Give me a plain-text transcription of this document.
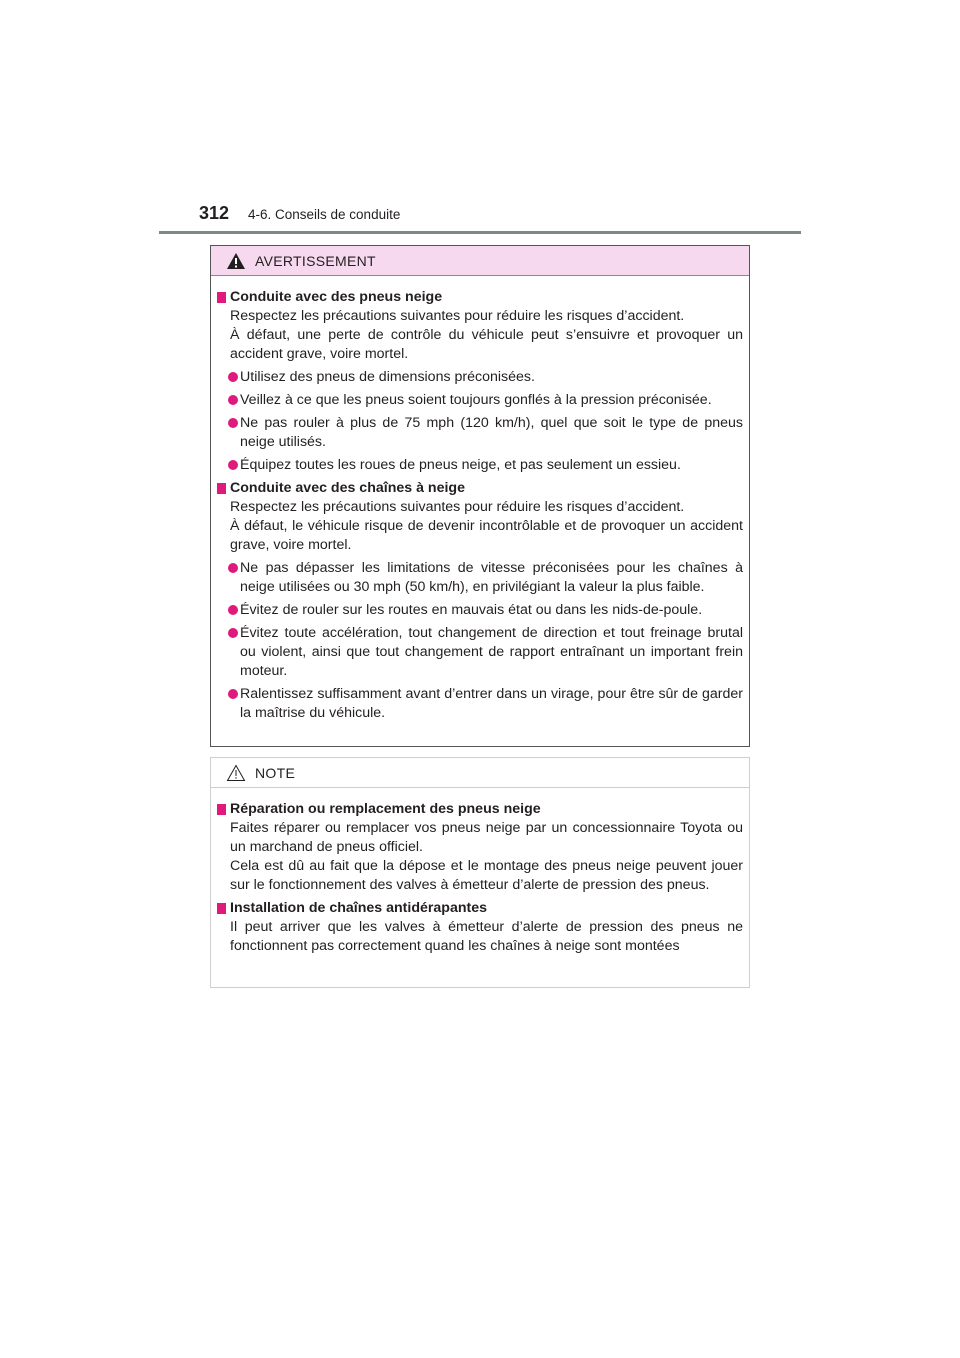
312 4-6. Conseils de conduite
AVERTISSEMENT
Conduite avec des pneus neige
Respectez les précautions suivantes pour réduire les risques d’accident.
À défaut, une perte de contrôle du véhicule peut s’ensuivre et provoquer un accident grave, voire mortel.
Utilisez des pneus de dimensions préconisées.
Veillez à ce que les pneus soient toujours gonflés à la pression préconisée.
Ne pas rouler à plus de 75 mph (120 km/h), quel que soit le type de pneus neige utilisés.
Équipez toutes les roues de pneus neige, et pas seulement un essieu.
Conduite avec des chaînes à neige
Respectez les précautions suivantes pour réduire les risques d’accident.
À défaut, le véhicule risque de devenir incontrôlable et de provoquer un accident grave, voire mortel.
Ne pas dépasser les limitations de vitesse préconisées pour les chaînes à neige utilisées ou 30 mph (50 km/h), en privilégiant la valeur la plus faible.
Évitez de rouler sur les routes en mauvais état ou dans les nids-de-poule.
Évitez toute accélération, tout changement de direction et tout freinage brutal ou violent, ainsi que tout changement de rapport entraînant un important frein moteur.
Ralentissez suffisamment avant d’entrer dans un virage, pour être sûr de garder la maîtrise du véhicule.
NOTE
Réparation ou remplacement des pneus neige
Faites réparer ou remplacer vos pneus neige par un concessionnaire Toyota ou un marchand de pneus officiel.
Cela est dû au fait que la dépose et le montage des pneus neige peuvent jouer sur le fonctionnement des valves à émetteur d’alerte de pression des pneus.
Installation de chaînes antidérapantes
Il peut arriver que les valves à émetteur d’alerte de pression des pneus ne fonctionnent pas correctement quand les chaînes à neige sont montées
